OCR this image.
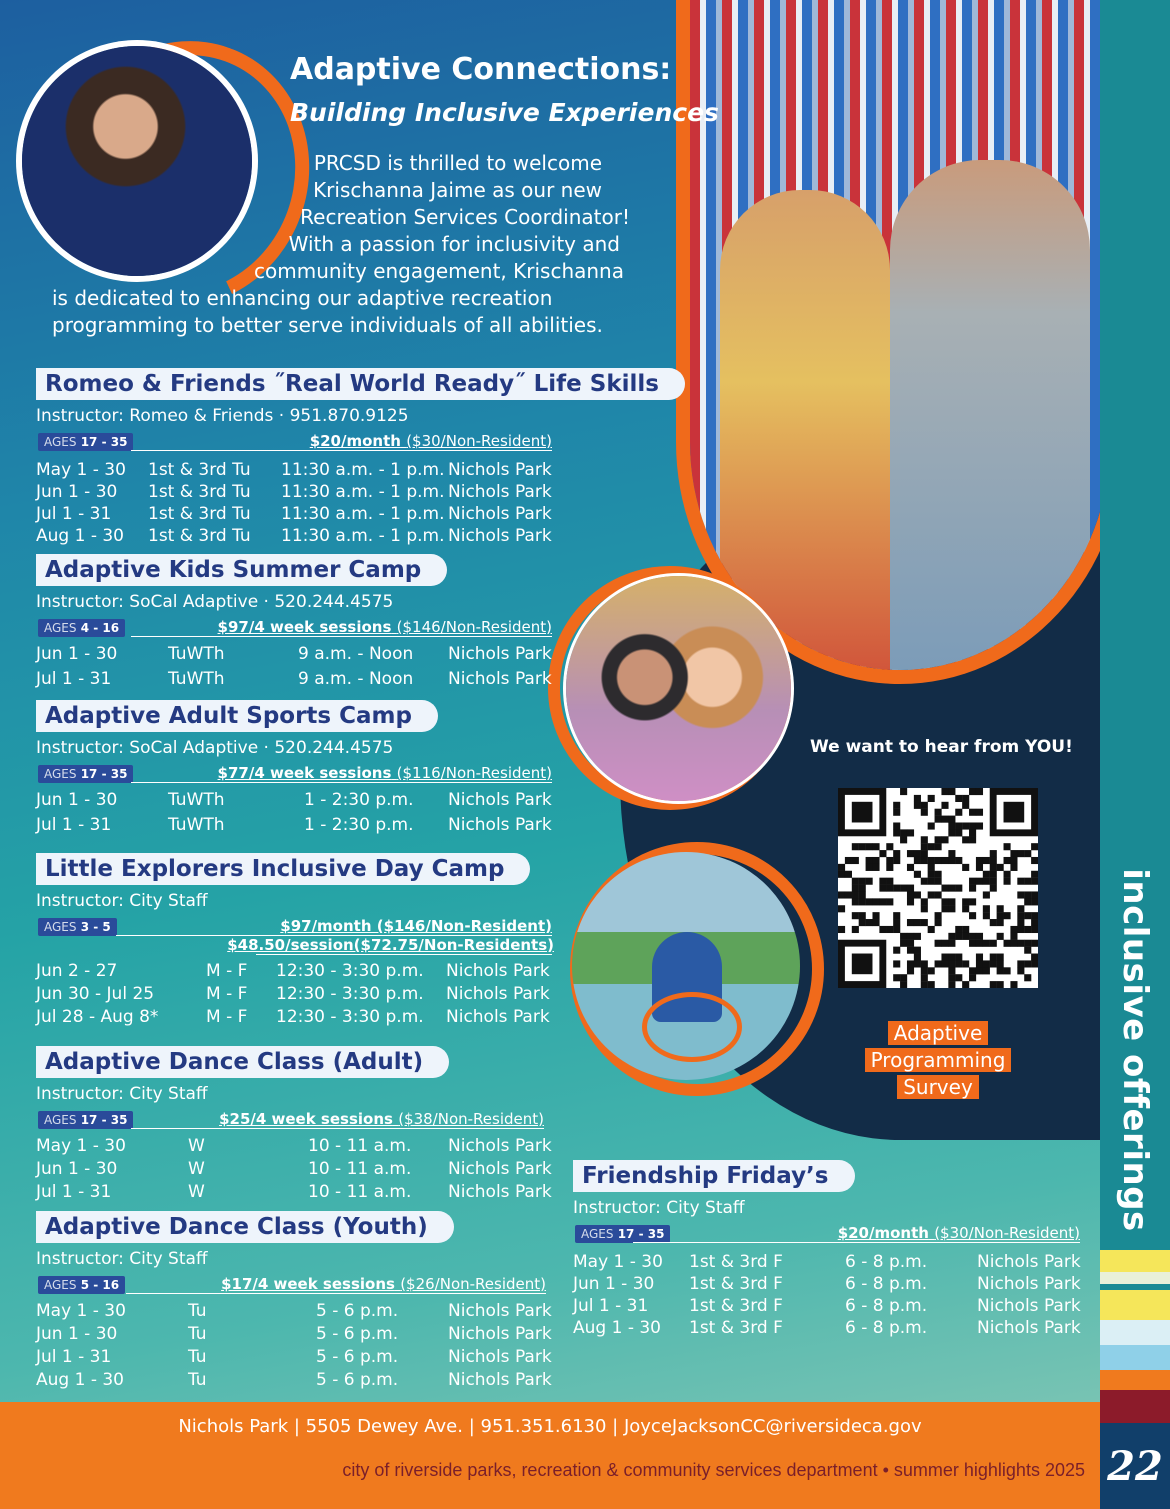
Adaptive Connections:
Building Inclusive Experiences
PRCSD is thrilled to welcome
Krischanna Jaime as our new
Recreation Services Coordinator!
With a passion for inclusivity and
community engagement, Krischanna
is dedicated to enhancing our adaptive recreation
programming to better serve individuals of all abilities.
Romeo & Friends ˝Real World Ready˝ Life Skills
Instructor: Romeo & Friends · 951.870.9125
AGES 17 - 35	$20/month ($30/Non-Resident)
May 1 - 30 1st & 3rd Tu 11:30 a.m. - 1 p.m. Nichols Park
Jun 1 - 30 1st & 3rd Tu 11:30 a.m. - 1 p.m. Nichols Park
Jul 1 - 31 1st & 3rd Tu 11:30 a.m. - 1 p.m. Nichols Park
Aug 1 - 30 1st & 3rd Tu 11:30 a.m. - 1 p.m. Nichols Park
Adaptive Kids Summer Camp
Instructor: SoCal Adaptive · 520.244.4575
AGES 4 - 16	$97/4 week sessions ($146/Non-Resident)
Jun 1 - 30	TuWTh	9 a.m. - Noon Nichols Park
Jul 1 - 31	TuWTh	9 a.m. - Noon Nichols Park
Adaptive Adult Sports Camp
Instructor: SoCal Adaptive · 520.244.4575
AGES 17 - 35	$77/4 week sessions ($116/Non-Resident)
Jun 1 - 30	TuWTh	1 - 2:30 p.m. Nichols Park
Jul 1 - 31	TuWTh	1 - 2:30 p.m. Nichols Park
Little Explorers Inclusive Day Camp
Instructor: City Staff
AGES 3 - 5	$97/month ($146/Non-Resident)
$48.50/session($72.75/Non-Residents)
Jun 2 - 27	M - F 12:30 - 3:30 p.m. Nichols Park
Jun 30 - Jul 25	M - F 12:30 - 3:30 p.m. Nichols Park
Jul 28 - Aug 8*	M - F 12:30 - 3:30 p.m. Nichols Park
Adaptive Dance Class (Adult)
Instructor: City Staff
AGES 17 - 35	$25/4 week sessions ($38/Non-Resident)
May 1 - 30	W	10 - 11 a.m. Nichols Park
Jun 1 - 30	W	10 - 11 a.m. Nichols Park
Jul 1 - 31	W	10 - 11 a.m. Nichols Park
Adaptive Dance Class (Youth)
Instructor: City Staff
AGES 5 - 16	$17/4 week sessions ($26/Non-Resident)
May 1 - 30	Tu	5 - 6 p.m.	Nichols Park
Jun 1 - 30	Tu	5 - 6 p.m.	Nichols Park
Jul 1 - 31	Tu	5 - 6 p.m.	Nichols Park
Aug 1 - 30	Tu	5 - 6 p.m.	Nichols Park
Friendship Friday’s
Instructor: City Staff
AGES 17 - 35	$20/month ($30/Non-Resident)
May 1 - 30 1st & 3rd F	6 - 8 p.m.	Nichols Park
Jun 1 - 30 1st & 3rd F	6 - 8 p.m.	Nichols Park
Jul 1 - 31 1st & 3rd F	6 - 8 p.m.	Nichols Park
Aug 1 - 30 1st & 3rd F	6 - 8 p.m.	Nichols Park
We want to hear from YOU!
Adaptive
Programming
Survey	inclusive offerings
22
Nichols Park | 5505 Dewey Ave. | 951.351.6130 | JoyceJacksonCC@riversideca.gov
city of riverside parks, recreation & community services department • summer highlights 2025
